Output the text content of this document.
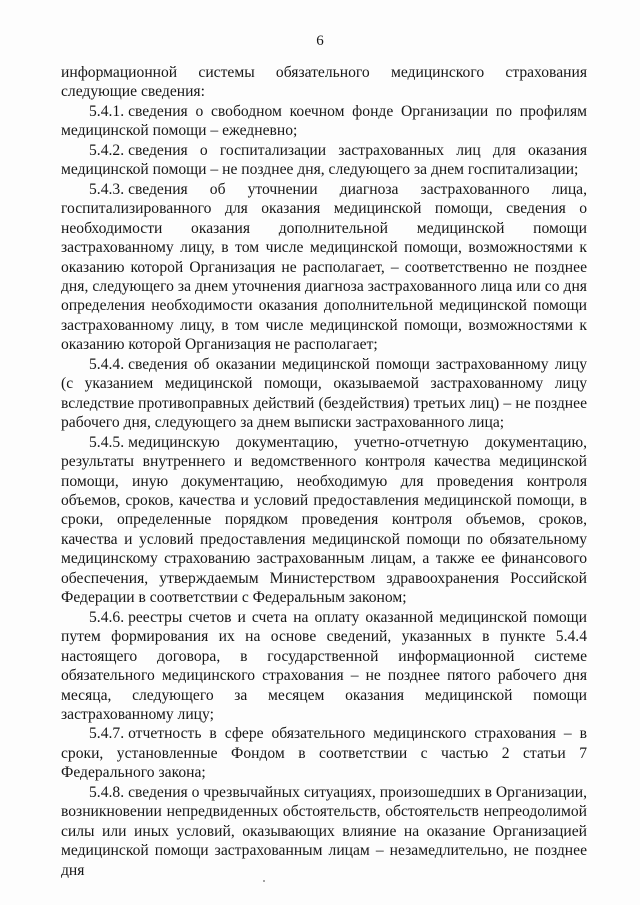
6

информационной системы обязательного медицинского страхования следующие сведения:

5.4.1. сведения о свободном коечном фонде Организации по профилям медицинской помощи – ежедневно;

5.4.2. сведения о госпитализации застрахованных лиц для оказания медицинской помощи – не позднее дня, следующего за днем госпитализации;

5.4.3. сведения об уточнении диагноза застрахованного лица, госпитализированного для оказания медицинской помощи, сведения о необходимости оказания дополнительной медицинской помощи застрахованному лицу, в том числе медицинской помощи, возможностями к оказанию которой Организация не располагает, – соответственно не позднее дня, следующего за днем уточнения диагноза застрахованного лица или со дня определения необходимости оказания дополнительной медицинской помощи застрахованному лицу, в том числе медицинской помощи, возможностями к оказанию которой Организация не располагает;

5.4.4. сведения об оказании медицинской помощи застрахованному лицу (с указанием медицинской помощи, оказываемой застрахованному лицу вследствие противоправных действий (бездействия) третьих лиц) – не позднее рабочего дня, следующего за днем выписки застрахованного лица;

5.4.5. медицинскую документацию, учетно-отчетную документацию, результаты внутреннего и ведомственного контроля качества медицинской помощи, иную документацию, необходимую для проведения контроля объемов, сроков, качества и условий предоставления медицинской помощи, в сроки, определенные порядком проведения контроля объемов, сроков, качества и условий предоставления медицинской помощи по обязательному медицинскому страхованию застрахованным лицам, а также ее финансового обеспечения, утверждаемым Министерством здравоохранения Российской Федерации в соответствии с Федеральным законом;

5.4.6. реестры счетов и счета на оплату оказанной медицинской помощи путем формирования их на основе сведений, указанных в пункте 5.4.4 настоящего договора, в государственной информационной системе обязательного медицинского страхования – не позднее пятого рабочего дня месяца, следующего за месяцем оказания медицинской помощи застрахованному лицу;

5.4.7. отчетность в сфере обязательного медицинского страхования – в сроки, установленные Фондом в соответствии с частью 2 статьи 7 Федерального закона;

5.4.8. сведения о чрезвычайных ситуациях, произошедших в Организации, возникновении непредвиденных обстоятельств, обстоятельств непреодолимой силы или иных условий, оказывающих влияние на оказание Организацией медицинской помощи застрахованным лицам – незамедлительно, не позднее дня
